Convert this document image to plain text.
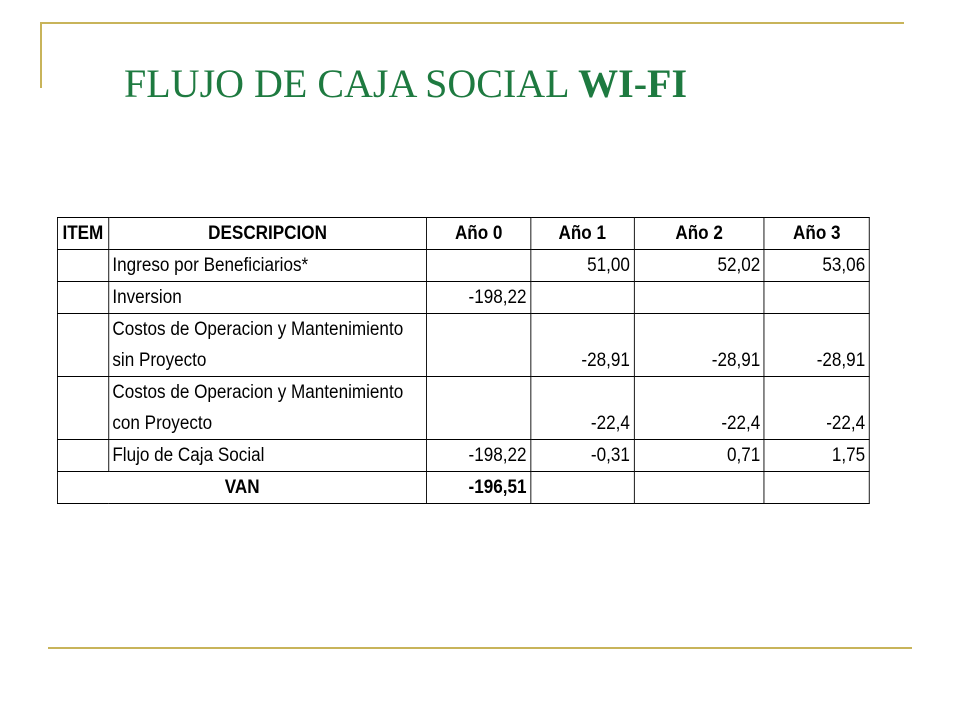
FLUJO DE CAJA SOCIAL WI-FI
ITEM	DESCRIPCION	Año 0	Año 1	Año 2	Año 3
	Ingreso por Beneficiarios*		51,00	52,02	53,06
	Inversion	-198,22			
	Costos de Operacion y Mantenimiento
sin Proyecto		-28,91	-28,91	-28,91
	Costos de Operacion y Mantenimiento
con Proyecto		-22,4	-22,4	-22,4
	Flujo de Caja Social	-198,22	-0,31	0,71	1,75
VAN		-196,51			
